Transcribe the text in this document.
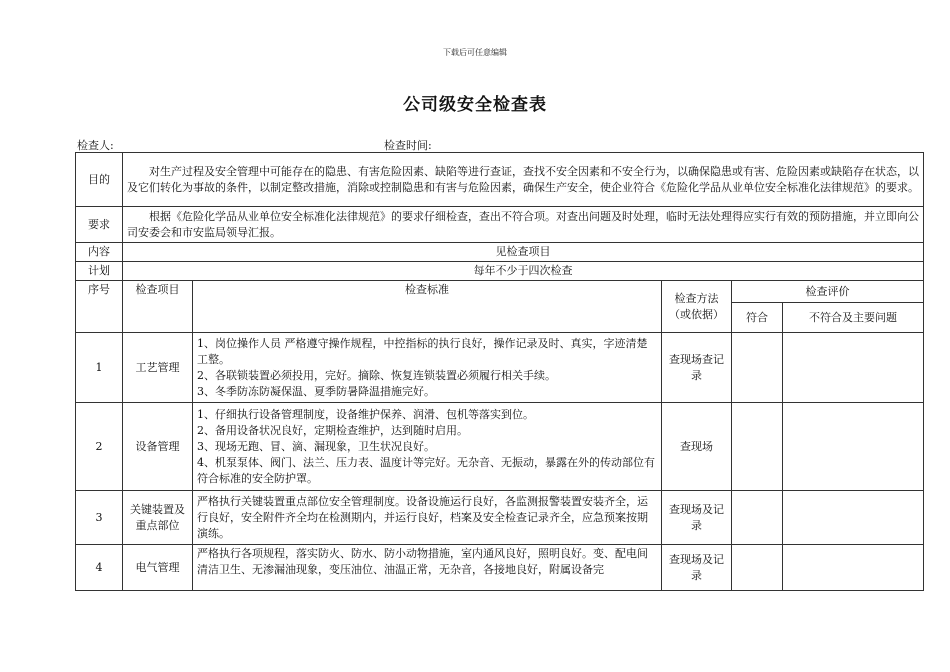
下载后可任意编辑
公司级安全检查表
检查人:	检查时间:
目的	对生产过程及安全管理中可能存在的隐患、有害危险因素、缺陷等进行查证，查找不安全因素和不安全行为，以确保隐患或有害、危险因素或缺陷存在状态，以及它们转化为事故的条件，以制定整改措施，消除或控制隐患和有害与危险因素，确保生产安全，使企业符合《危险化学品从业单位安全标准化法律规范》的要求。				
要求	根据《危险化学品从业单位安全标准化法律规范》的要求仔细检查，查出不符合项。对查出问题及时处理，临时无法处理得应实行有效的预防措施，并立即向公司安委会和市安监局领导汇报。				
内容	见检查项目				
计划	每年不少于四次检查				
序号	检查项目	检查标准	检查方法（或依据）	检查评价	
				符合	不符合及主要问题
1	工艺管理	1、岗位操作人员 严格遵守操作规程，中控指标的执行良好，操作记录及时、真实，字迹清楚工整。
2、各联锁装置必须投用，完好。摘除、恢复连锁装置必须履行相关手续。
3、冬季防冻防凝保温、夏季防暑降温措施完好。	查现场查记录		
2	设备管理	1、仔细执行设备管理制度，设备维护保养、润滑、包机等落实到位。
2、备用设备状况良好，定期检查维护，达到随时启用。
3、现场无跑、冒、滴、漏现象，卫生状况良好。
4、机泵泵体、阀门、法兰、压力表、温度计等完好。无杂音、无振动，暴露在外的传动部位有符合标准的安全防护罩。	查现场		
3	关键装置及重点部位	严格执行关键装置重点部位安全管理制度。设备设施运行良好，各监测报警装置安装齐全，运行良好，安全附件齐全均在检测期内，并运行良好，档案及安全检查记录齐全，应急预案按期演练。	查现场及记录		
4	电气管理	严格执行各项规程，落实防火、防水、防小动物措施，室内通风良好，照明良好。变、配电间清洁卫生、无渗漏油现象，变压油位、油温正常，无杂音，各接地良好，附属设备完	查现场及记录		
